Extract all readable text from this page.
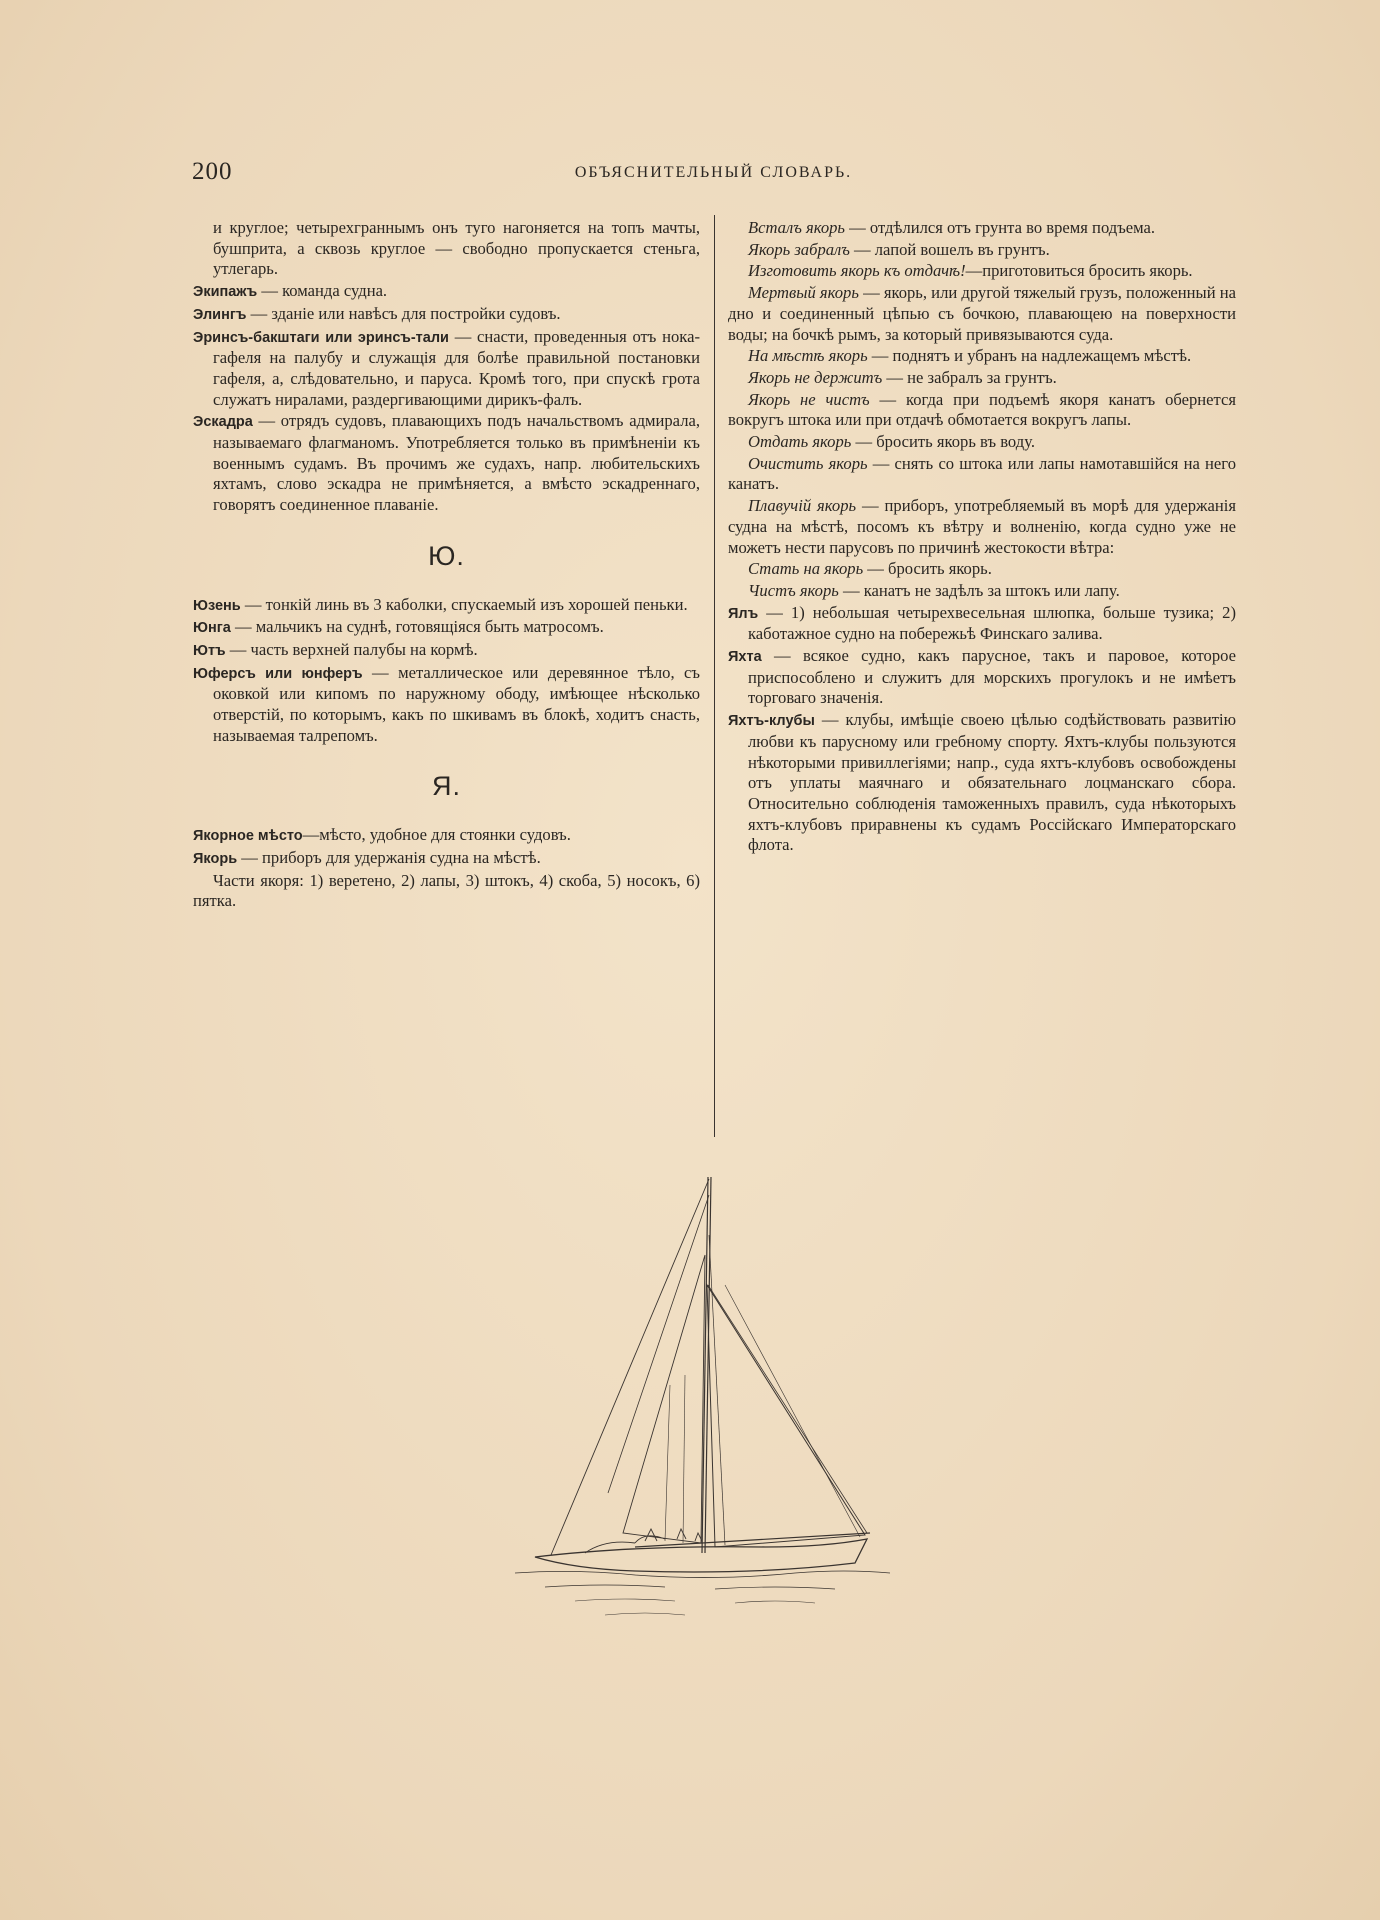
200	ОБЪЯСНИТЕЛЬНЫЙ СЛОВАРЬ.

и круглое; четырехграннымъ онъ туго нагоняется на топъ мачты, бушприта, а сквозь круглое — свободно пропускается стеньга, утлегарь.

Экипажъ — команда судна.

Элингъ — зданіе или навѣсъ для постройки судовъ.

Эринсъ-бакштаги или эринсъ-тали — снасти, проведенныя отъ нока-гафеля на палубу и служащія для болѣе правильной постановки гафеля, а, слѣдовательно, и паруса. Кромѣ того, при спускѣ грота служатъ ниралами, раздергивающими дирикъ-фалъ.

Эскадра — отрядъ судовъ, плавающихъ подъ начальствомъ адмирала, называемаго флагманомъ. Употребляется только въ примѣненіи къ военнымъ судамъ. Въ прочимъ же судахъ, напр. любительскихъ яхтамъ, слово эскадра не примѣняется, а вмѣсто эскадреннаго, говорятъ соединенное плаваніе.

Ю.

Юзень — тонкій линь въ 3 каболки, спускаемый изъ хорошей пеньки.

Юнга — мальчикъ на суднѣ, готовящіяся быть матросомъ.

Ютъ — часть верхней палубы на кормѣ.

Юферсъ или юнферъ — металлическое или деревянное тѣло, съ оковкой или кипомъ по наружному ободу, имѣющее нѣсколько отверстій, по которымъ, какъ по шкивамъ въ блокѣ, ходитъ снасть, называемая талрепомъ.

Я.

Якорное мѣсто—мѣсто, удобное для стоянки судовъ.

Якорь — приборъ для удержанія судна на мѣстѣ.

Части якоря: 1) веретено, 2) лапы, 3) штокъ, 4) скоба, 5) носокъ, 6) пятка.

Всталъ якорь — отдѣлился отъ грунта во время подъема.

Якорь забралъ — лапой вошелъ въ грунтъ.

Изготовить якорь къ отдачѣ!—приготовиться бросить якорь.

Мертвый якорь — якорь, или другой тяжелый грузъ, положенный на дно и соединенный цѣпью съ бочкою, плавающею на поверхности воды; на бочкѣ рымъ, за который привязываются суда.

На мѣстѣ якорь — поднятъ и убранъ на надлежащемъ мѣстѣ.

Якорь не держитъ — не забралъ за грунтъ.

Якорь не чистъ — когда при подъемѣ якоря канатъ обернется вокругъ штока или при отдачѣ обмотается вокругъ лапы.

Отдать якорь — бросить якорь въ воду.

Очистить якорь — снять со штока или лапы намотавшійся на него канатъ.

Плавучій якорь — приборъ, употребляемый въ морѣ для удержанія судна на мѣстѣ, посомъ къ вѣтру и волненію, когда судно уже не можетъ нести парусовъ по причинѣ жестокости вѣтра:

Стать на якорь — бросить якорь.

Чистъ якорь — канатъ не задѣлъ за штокъ или лапу.

Ялъ — 1) небольшая четырехвесельная шлюпка, больше тузика; 2) каботажное судно на побережьѣ Финскаго залива.

Яхта — всякое судно, какъ парусное, такъ и паровое, которое приспособлено и служитъ для морскихъ прогулокъ и не имѣетъ торговаго значенія.

Яхтъ-клубы — клубы, имѣщіе своею цѣлью содѣйствовать развитію любви къ парусному или гребному спорту. Яхтъ-клубы пользуются нѣкоторыми привиллегіями; напр., суда яхтъ-клубовъ освобождены отъ уплаты маячнаго и обязательнаго лоцманскаго сбора. Относительно соблюденія таможенныхъ правилъ, суда нѣкоторыхъ яхтъ-клубовъ приравнены къ судамъ Россійскаго Императорскаго флота.
